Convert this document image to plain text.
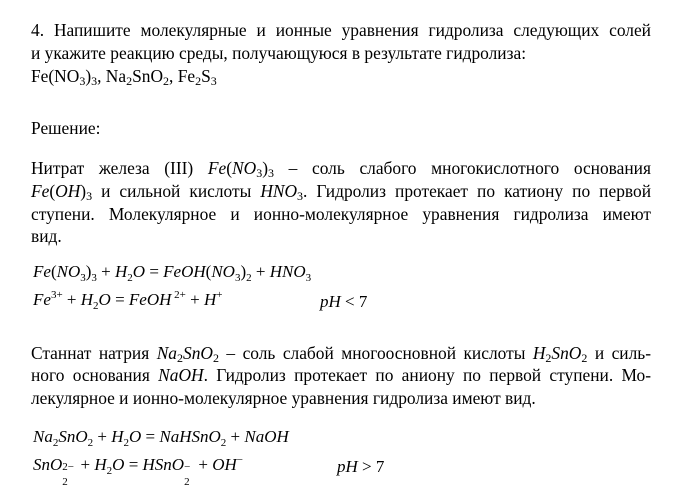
4. Напишите молекулярные и ионные уравнения гидролиза следующих солей
и укажите реакцию среды, получающуюся в результате гидролиза:
$Fe(NO_3)_3$, $Na_2SnO_2$, $Fe_2S_3$
Решение:
Нитрат железа (III) $Fe(NO_3)_3$ – соль слабого многокислотного основания
$Fe(OH)_3$ и сильной кислоты $HNO_3$. Гидролиз протекает по катиону по первой
ступени. Молекулярное и ионно-молекулярное уравнения гидролиза имеют
вид.
$Fe(NO_3)_3 + H_2O$ = $FeOH(NO_3)_2 + HNO_3$
$Fe^{3+} + H_2O$ = FeOH $^{2+}$ + H+	pH < 7
Станнат натрия $Na_2SnO_2$ – соль слабой многоосновной кислоты $H_2SnO_2$ и силь-
ного основания NaOH. Гидролиз протекает по аниону по первой ступени. Мо-
лекулярное и ионно-молекулярное уравнения гидролиза имеют вид.
$Na_2SnO_2 + H_2O$ = NaHSnO$_2$ + NaOH
SnO 2−
2
+ $H_2O$ = HSnO −
2
+ OH−	pH > 7
